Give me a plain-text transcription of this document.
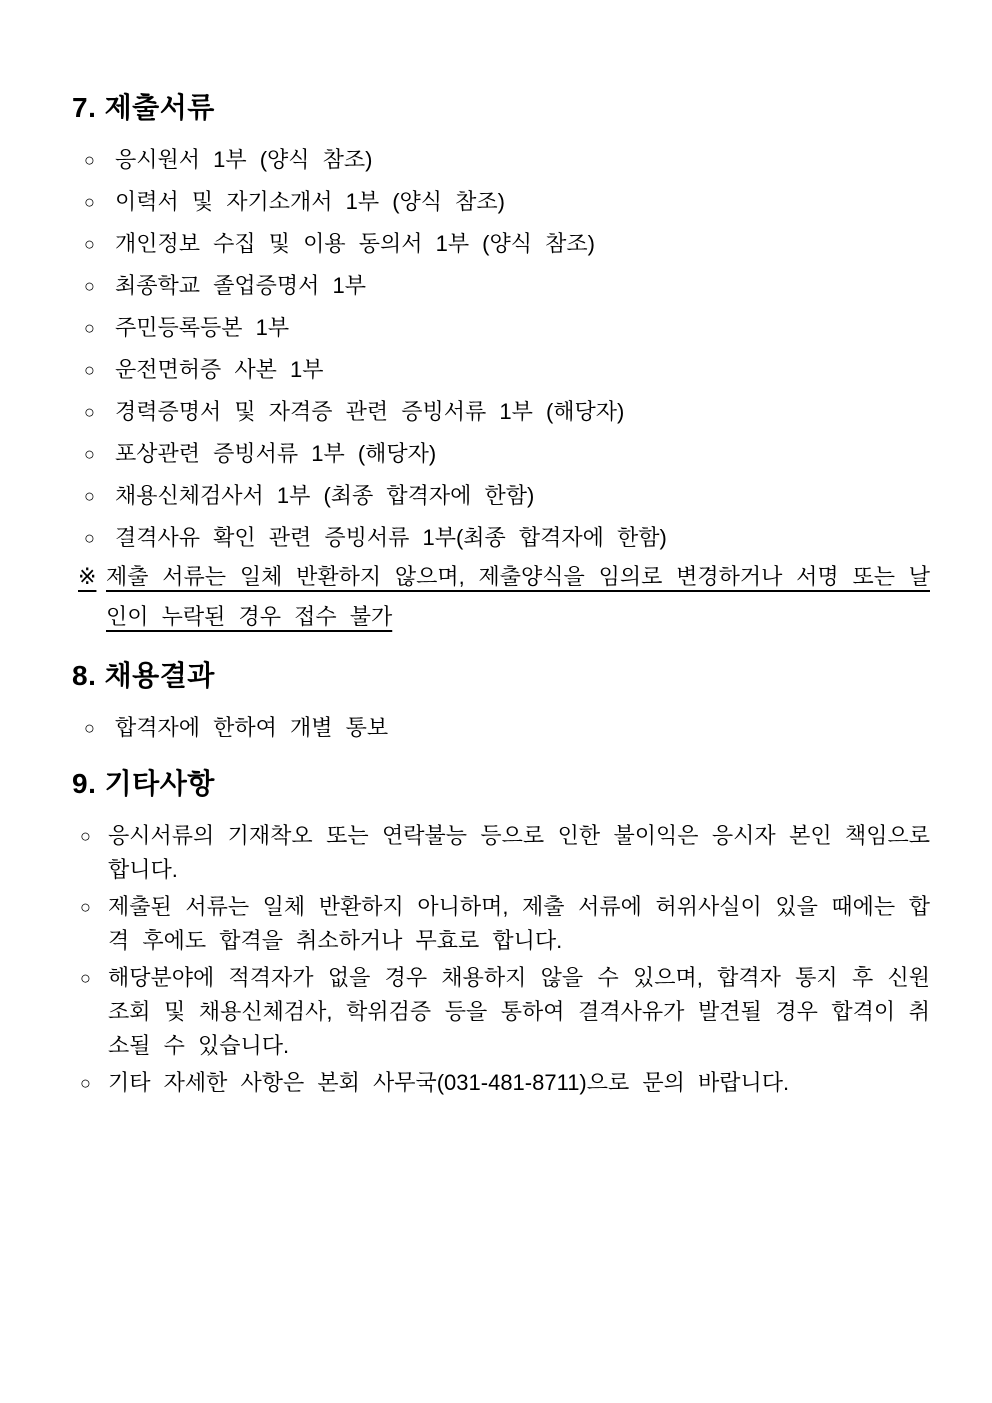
7. 제출서류
○ 응시원서 1부 (양식 참조)
○ 이력서 및 자기소개서 1부 (양식 참조)
○ 개인정보 수집 및 이용 동의서 1부 (양식 참조)
○ 최종학교 졸업증명서 1부
○ 주민등록등본 1부
○ 운전면허증 사본 1부
○ 경력증명서 및 자격증 관련 증빙서류 1부 (해당자)
○ 포상관련 증빙서류 1부 (해당자)
○ 채용신체검사서 1부 (최종 합격자에 한함)
○ 결격사유 확인 관련 증빙서류 1부(최종 합격자에 한함)

※ 제출 서류는 일체 반환하지 않으며, 제출양식을 임의로 변경하거나 서명 또는 날인이 누락된 경우 접수 불가

8. 채용결과
○ 합격자에 한하여 개별 통보
9. 기타사항
○ 응시서류의 기재착오 또는 연락불능 등으로 인한 불이익은 응시자 본인 책임으로 합니다.
○ 제출된 서류는 일체 반환하지 아니하며, 제출 서류에 허위사실이 있을 때에는 합격 후에도 합격을 취소하거나 무효로 합니다.
○ 해당분야에 적격자가 없을 경우 채용하지 않을 수 있으며, 합격자 통지 후 신원조회 및 채용신체검사, 학위검증 등을 통하여 결격사유가 발견될 경우 합격이 취소될 수 있습니다.
○ 기타 자세한 사항은 본회 사무국(031-481-8711)으로 문의 바랍니다.
